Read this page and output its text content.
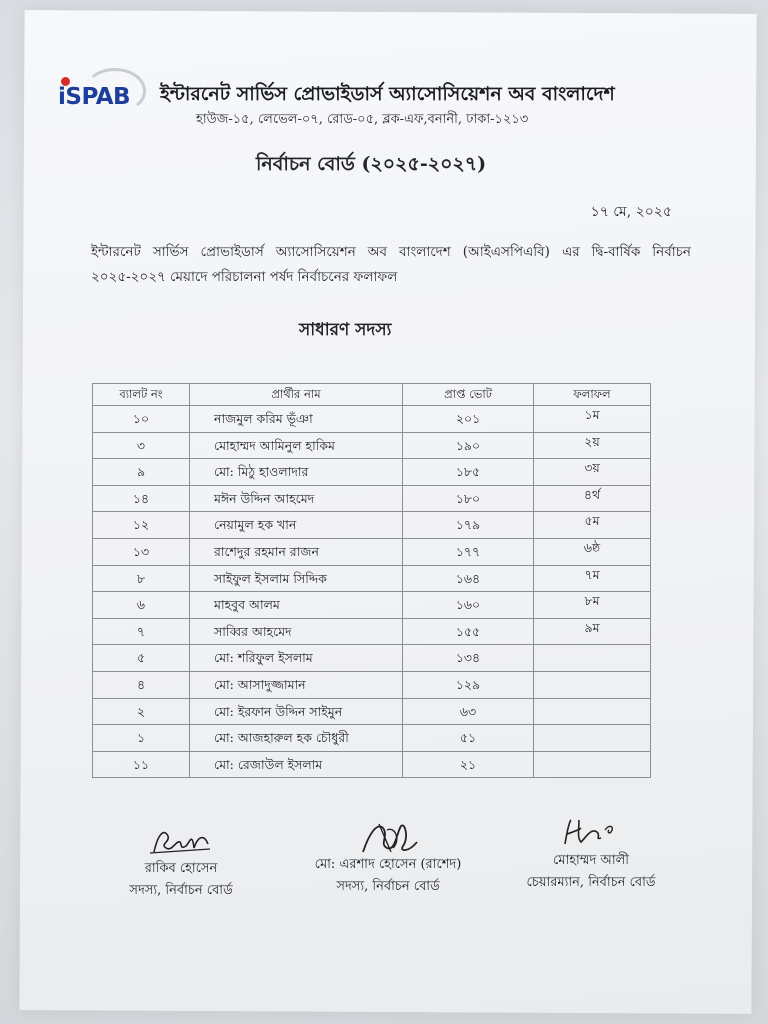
iSPAB ইন্টারনেট সার্ভিস প্রোভাইডার্স অ্যাসোসিয়েশন অব বাংলাদেশ
হাউজ-১৫, লেভেল-০৭, রোড-০৫, ব্লক-এফ,বনানী, ঢাকা-১২১৩
নির্বাচন বোর্ড (২০২৫-২০২৭)
১৭ মে, ২০২৫
ইন্টারনেট সার্ভিস প্রোভাইডার্স অ্যাসোসিয়েশন অব বাংলাদেশ (আইএসপিএবি) এর দ্বি-বার্ষিক নির্বাচন ২০২৫-২০২৭ মেয়াদে পরিচালনা পর্ষদ নির্বাচনের ফলাফল
সাধারণ সদস্য
ব্যালট নং	প্রার্থীর নাম	প্রাপ্ত ভোট	ফলাফল
১০	নাজমুল করিম ভূঁঞা	২০১	১ম
৩	মোহাম্মদ আমিনুল হাকিম	১৯০	২য়
৯	মো: মিঠু হাওলাদার	১৮৫	৩য়
১৪	মঈন উদ্দিন আহমেদ	১৮০	৪র্থ
১২	নেয়ামুল হক খান	১৭৯	৫ম
১৩	রাশেদুর রহমান রাজন	১৭৭	৬ষ্ঠ
৮	সাইফুল ইসলাম সিদ্দিক	১৬৪	৭ম
৬	মাহবুব আলম	১৬০	৮ম
৭	সাব্বির আহমেদ	১৫৫	৯ম
৫	মো: শরিফুল ইসলাম	১৩৪	
৪	মো: আসাদুজ্জামান	১২৯	
২	মো: ইরফান উদ্দিন সাইমুন	৬৩	
১	মো: আজহারুল হক চৌধুরী	৫১	
১১	মো: রেজাউল ইসলাম	২১	
রাকিব হোসেন
সদস্য, নির্বাচন বোর্ড
মো: এরশাদ হোসেন (রাশেদ)
সদস্য, নির্বাচন বোর্ড
মোহাম্মদ আলী
চেয়ারম্যান, নির্বাচন বোর্ড
